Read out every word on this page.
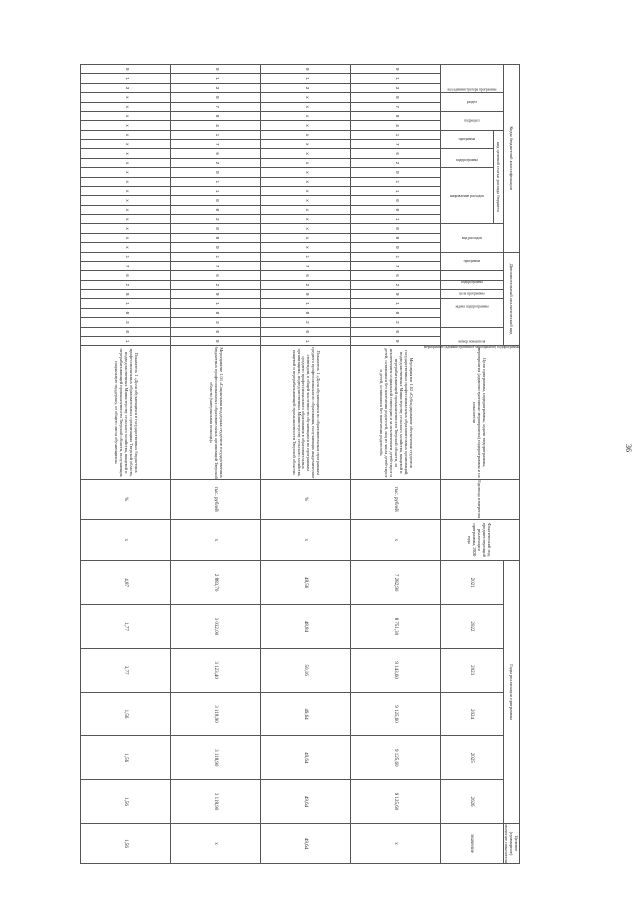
36
Коды бюджетной классификации																				Дополнительный аналитический код										Цели программы, подпрограммы, задачи подпрограммы, мероприятия (административные мероприятия) подпрограммы и их показатели	Единица измерения	Фактический год, предшествующий реализации программы, 2020 года	Годы реализации программы						Целевое (суммарное) значение показателя
код администратора программы			раздел		подраздел		код целевой статьи расхода бюджета										вид расходов			программа		подпрограмма	цель программы	задача подпрограммы	мероприятие (административное мероприятие) подпрограммы			номер показателя					2021	2022	2023	2024	2025	2026	значение
							программа		подпрограмма		направление расходов																												
0	1	3	0	7	0	4	1	7	6	2	0	1	1	0	0	1	0	0	0	1	7	6	2	0	1	0	2	0	0	Мероприятие 1.02 «Субсидирование обеспечения студентов государственных профессиональных образовательных организаций, подведомственных Министерству сельского хозяйства, пищевой и перерабатывающей промышленности Тверской области, за исключением социальной стипендии и за исключением детей-сирот и детей, оставшихся без попечения родителей, лиц из числа детей-сирот и детей, оставшихся без попечения родителей»	тыс. рублей	х	7 282,90	8 751,30	9 143,60	9 125,60	9 125,60	9 125,60	х
0	1	3	х	х	х	х	х	х	х	х	х	х	х	х	х	х	х	х	х	1	7	6	2	0	1	0	2	0	1	Показатель 1 «Доля обучающихся по образовательным программам среднего профессионального образования, получающих академические стипендии, в общей численности обучающихся по программам среднего профессионального образования в образовательных организациях, подведомственных Министерству сельского хозяйства, пищевой и перерабатывающей промышленности Тверской области»	%	х	48,56	48,84	50,16	49,64	49,64	49,64	49,64
0	1	3	0	7	0	4	1	7	6	2	0	1	1	0	0	3	0	0	0	1	7	6	2	0	1	0	3	0	0	Мероприятие 1.03 «Социальная поддержка студентов государственных бюджетных профессиональных образовательных организаций Тверской области (материальная помощь)»	тыс. рублей	х	2 883,70	3 032,00	3 123,40	3 118,90	3 118,90	3 118,90	х
0	1	3	х	х	х	х	х	х	х	х	х	х	х	х	х	х	х	х	х	1	7	6	2	0	1	0	3	0	1	Показатель 1 «Доля обучающихся в государственных бюджетных профессиональных образовательных организациях Тверской области, подведомственных Министерству сельского хозяйства, пищевой и перерабатывающей промышленности Тверской области, получающих социальную поддержку, от общего числа обучающихся»	%	х	4,87	1,77	3,77	1,56	1,56	1,56	1,56
